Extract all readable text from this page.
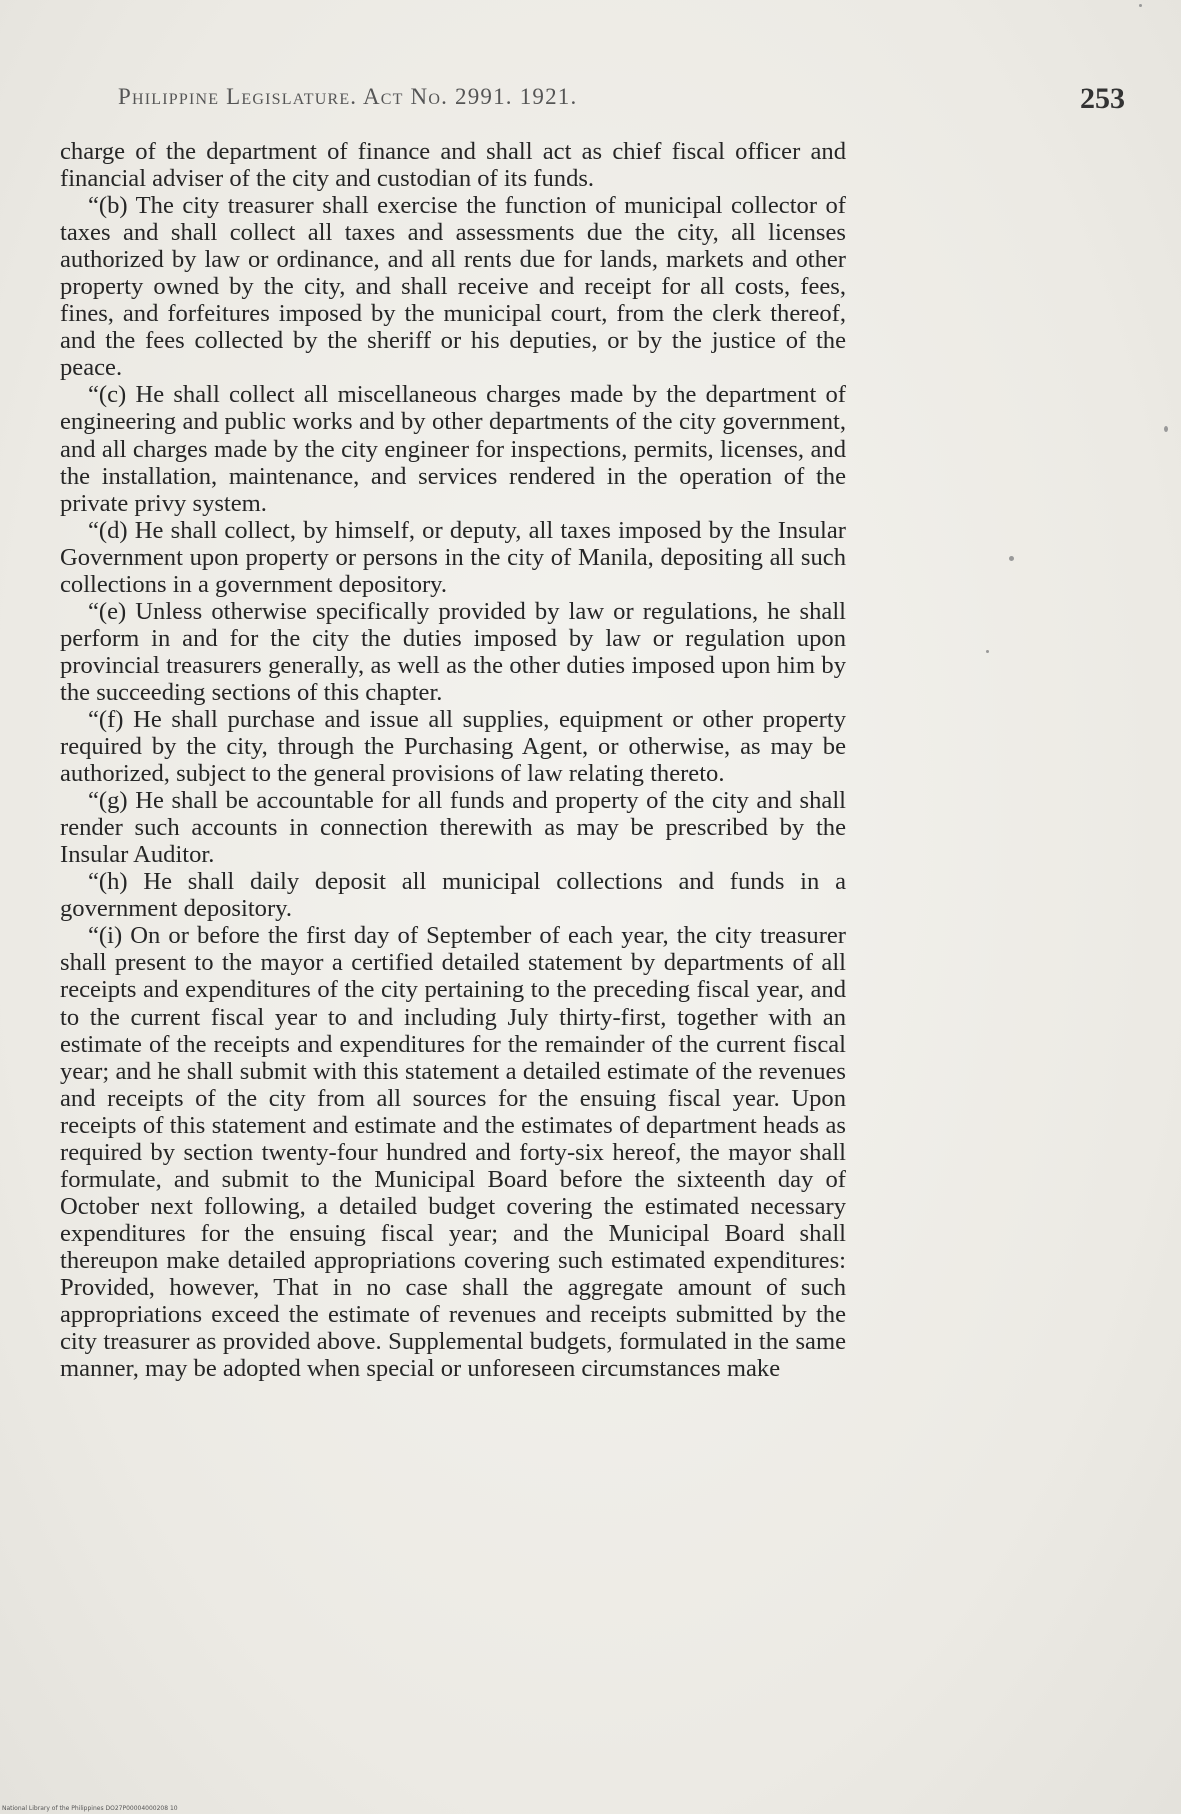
Philippine Legislature. Act No. 2991. 1921.	253

charge of the department of finance and shall act as chief fiscal officer and financial adviser of the city and custodian of its funds.

“(b) The city treasurer shall exercise the function of municipal collector of taxes and shall collect all taxes and assessments due the city, all licenses authorized by law or ordinance, and all rents due for lands, markets and other property owned by the city, and shall receive and receipt for all costs, fees, fines, and forfeitures imposed by the municipal court, from the clerk thereof, and the fees collected by the sheriff or his deputies, or by the justice of the peace.

“(c) He shall collect all miscellaneous charges made by the department of engineering and public works and by other departments of the city government, and all charges made by the city engineer for inspections, permits, licenses, and the installation, maintenance, and services rendered in the operation of the private privy system.

“(d) He shall collect, by himself, or deputy, all taxes imposed by the Insular Government upon property or persons in the city of Manila, depositing all such collections in a government depository.

“(e) Unless otherwise specifically provided by law or regulations, he shall perform in and for the city the duties imposed by law or regulation upon provincial treasurers generally, as well as the other duties imposed upon him by the succeeding sections of this chapter.

“(f) He shall purchase and issue all supplies, equipment or other property required by the city, through the Purchasing Agent, or otherwise, as may be authorized, subject to the general provisions of law relating thereto.

“(g) He shall be accountable for all funds and property of the city and shall render such accounts in connection therewith as may be prescribed by the Insular Auditor.

“(h) He shall daily deposit all municipal collections and funds in a government depository.

“(i) On or before the first day of September of each year, the city treasurer shall present to the mayor a certified detailed statement by departments of all receipts and expenditures of the city pertaining to the preceding fiscal year, and to the current fiscal year to and including July thirty-first, together with an estimate of the receipts and expenditures for the remainder of the current fiscal year; and he shall submit with this statement a detailed estimate of the revenues and receipts of the city from all sources for the ensuing fiscal year. Upon receipts of this statement and estimate and the estimates of department heads as required by section twenty-four hundred and forty-six hereof, the mayor shall formulate, and submit to the Municipal Board before the sixteenth day of October next following, a detailed budget covering the estimated necessary expenditures for the ensuing fiscal year; and the Municipal Board shall thereupon make detailed appropriations covering such estimated expenditures: Provided, however, That in no case shall the aggregate amount of such appropriations exceed the estimate of revenues and receipts submitted by the city treasurer as provided above. Supplemental budgets, formulated in the same manner, may be adopted when special or unforeseen circumstances make

National Library of the Philippines DO27P00004000208 10
